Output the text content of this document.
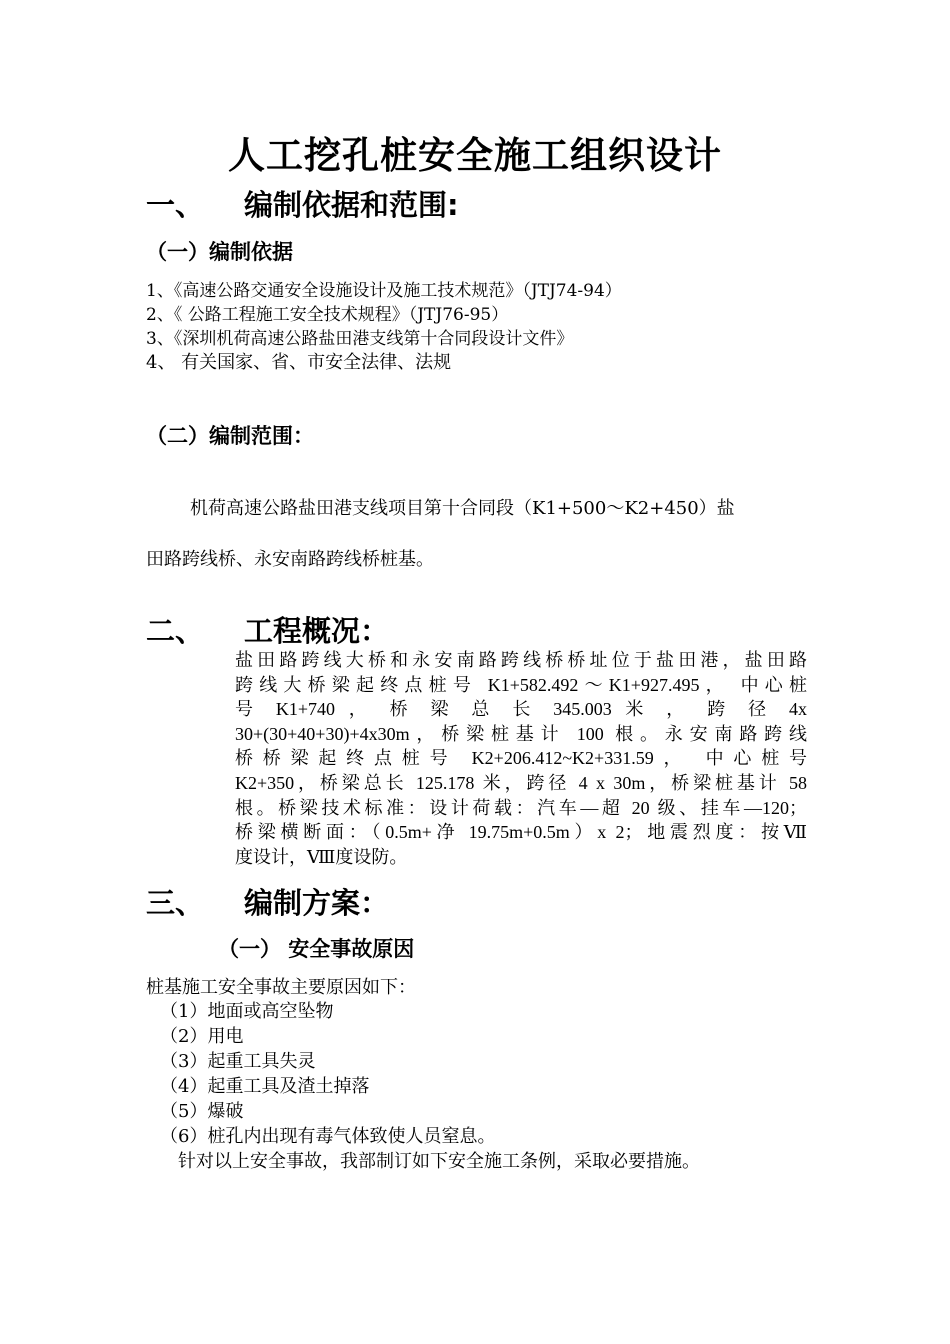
人工挖孔桩安全施工组织设计
一、 编制依据和范围:
（一）编制依据
1、《高速公路交通安全设施设计及施工技术规范》（JTJ74-94）
2、《 公路工程施工安全技术规程》（JTJ76-95）
3、《深圳机荷高速公路盐田港支线第十合同段设计文件》
4、 有关国家、省、市安全法律、法规
（二）编制范围：
机荷高速公路盐田港支线项目第十合同段（K1+500～K2+450）盐
田路跨线桥、永安南路跨线桥桩基。
二、 工程概况：
盐田路跨线大桥和永安南路跨线桥桥址位于盐田港，盐田路
跨线大桥梁起终点桩号 K1+582.492～K1+927.495， 中心桩
号 K1+740 ， 桥 梁 总 长 345.003 米 ， 跨 径 4x
30+(30+40+30)+4x30m，桥梁桩基计 100 根。永安南路跨线
桥桥梁起终点桩号 K2+206.412~K2+331.59， 中心桩号
K2+350，桥梁总长 125.178 米，跨径 4 x 30m，桥梁桩基计 58
根。桥梁技术标准：设计荷载：汽车—超 20 级、挂车—120；
桥梁横断面：（0.5m+净 19.75m+0.5m）x 2；地震烈度：按Ⅶ
度设计，Ⅷ度设防。
三、 编制方案：
（一） 安全事故原因
桩基施工安全事故主要原因如下：
（1）地面或高空坠物
（2）用电
（3）起重工具失灵
（4）起重工具及渣土掉落
（5）爆破
（6）桩孔内出现有毒气体致使人员窒息。
针对以上安全事故，我部制订如下安全施工条例，采取必要措施。
